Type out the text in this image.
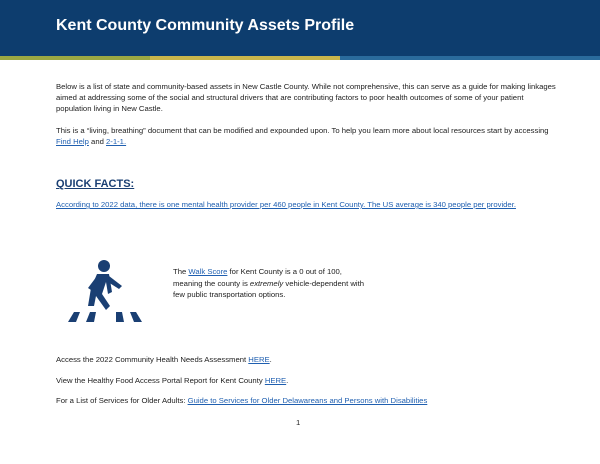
Kent County Community Assets Profile

Below is a list of state and community-based assets in New Castle County. While not comprehensive, this can serve as a guide for making linkages aimed at addressing some of the social and structural drivers that are contributing factors to poor health outcomes of some of your patient population living in New Castle.

This is a “living, breathing” document that can be modified and expounded upon. To help you learn more about local resources start by accessing Find Help and 2-1-1.

QUICK FACTS:
According to 2022 data, there is one mental health provider per 460 people in Kent County. The US average is 340 people per provider.
The Walk Score for Kent County is a 0 out of 100,
meaning the county is extremely vehicle-dependent with
few public transportation options.

Access the 2022 Community Health Needs Assessment HERE.

View the Healthy Food Access Portal Report for Kent County HERE.

For a List of Services for Older Adults: Guide to Services for Older Delawareans and Persons with Disabilities

1
